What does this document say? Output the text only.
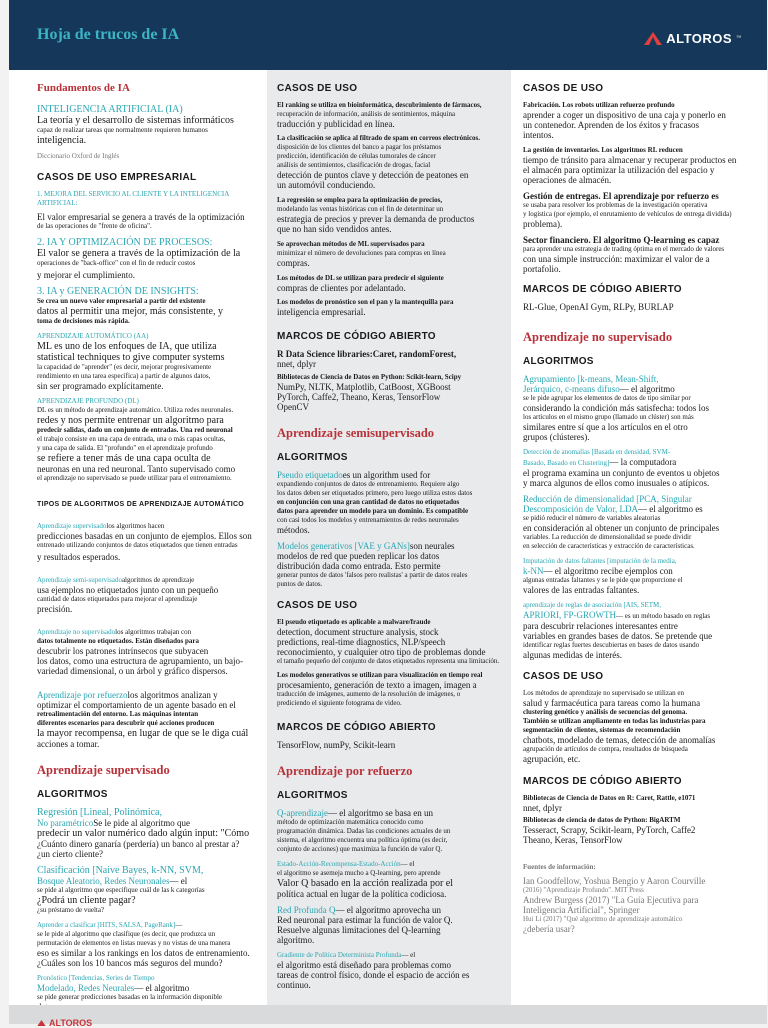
Hoja de trucos de IA	ALTOROS ™
Fundamentos de IA

INTELIGENCIA ARTIFICIAL (IA)

La teoría y el desarrollo de sistemas informáticos

capaz de realizar tareas que normalmente requieren humanos

inteligencia.

Diccionario Oxford de Inglés

CASOS DE USO EMPRESARIAL

1. MEJORA DEL SERVICIO AL CLIENTE Y LA INTELIGENCIA ARTIFICIAL:

El valor empresarial se genera a través de la optimización

de las operaciones de "frente de oficina".

2. IA Y OPTIMIZACIÓN DE PROCESOS:

El valor se genera a través de la optimización de la

operaciones de "back-office" con el fin de reducir costos

y mejorar el cumplimiento.

3. IA y GENERACIÓN DE INSIGHTS:

Se crea un nuevo valor empresarial a partir del existente

datos al permitir una mejor, más consistente, y

toma de decisiones más rápida.

APRENDIZAJE AUTOMÁTICO (AA)

ML es uno de los enfoques de IA, que utiliza

statistical techniques to give computer systems

la capacidad de "aprender" (es decir, mejorar progresivamente

rendimiento en una tarea específica) a partir de algunos datos,

sin ser programado explícitamente.

APRENDIZAJE PROFUNDO (DL)

DL es un método de aprendizaje automático. Utiliza redes neuronales.

redes y nos permite entrenar un algoritmo para

predecir salidas, dado un conjunto de entradas. Una red neuronal

el trabajo consiste en una capa de entrada, una o más capas ocultas,

y una capa de salida. El "profundo" en el aprendizaje profundo

se refiere a tener más de una capa oculta de

neuronas en una red neuronal. Tanto supervisado como

el aprendizaje no supervisado se puede utilizar para el entrenamiento.

TIPOS DE ALGORITMOS DE APRENDIZAJE AUTOMÁTICO

Aprendizaje supervisadolos algoritmos hacen

predicciones basadas en un conjunto de ejemplos. Ellos son

entrenado utilizando conjuntos de datos etiquetados que tienen entradas

y resultados esperados.

Aprendizaje semi-supervisadoalgoritmos de aprendizaje

usa ejemplos no etiquetados junto con un pequeño

cantidad de datos etiquetados para mejorar el aprendizaje

precisión.

Aprendizaje no supervisadolos algoritmos trabajan con

datos totalmente no etiquetados. Están diseñados para

descubrir los patrones intrínsecos que subyacen

los datos, como una estructura de agrupamiento, un bajo-

variedad dimensional, o un árbol y gráfico dispersos.

Aprendizaje por refuerzolos algoritmos analizan y

optimizar el comportamiento de un agente basado en el

retroalimentación del entorno. Las máquinas intentan

diferentes escenarios para descubrir qué acciones producen

la mayor recompensa, en lugar de que se le diga cuál

acciones a tomar.

Aprendizaje supervisado
ALGORITMOS

Regresión [Lineal, Polinómica,

No paramétricoSe le pide al algoritmo que

predecir un valor numérico dado algún input: "Cómo

¿Cuánto dinero ganaría (perdería) un banco al prestar a?

¿un cierto cliente?

Clasificación [Naive Bayes, k-NN, SVM,

Bosque Aleatorio, Redes Neuronales— el

se pide al algoritmo que especifique cuál de las k categorías

¿Podrá un cliente pagar?

¿su préstamo de vuelta?

Aprender a clasificar [HITS, SALSA, PageRank]—

se le pide al algoritmo que clasifique (es decir, que produzca un

permutación de elementos en listas nuevas y no vistas de una manera

eso es similar a los rankings en los datos de entrenamiento.

¿Cuáles son los 10 bancos más seguros del mundo?

Pronóstico [Tendencias, Series de Tiempo

Modelado, Redes Neurales— el algoritmo

se pide generar predicciones basadas en la información disponible

CASOS DE USO

El ranking se utiliza en bioinformática, descubrimiento de fármacos,

recuperación de información, análisis de sentimientos, máquina

traducción y publicidad en línea.

La clasificación se aplica al filtrado de spam en correos electrónicos.

disposición de los clientes del banco a pagar los préstamos

predicción, identificación de células tumorales de cáncer

análisis de sentimientos, clasificación de drogas, facial

detección de puntos clave y detección de peatones en

un automóvil conduciendo.

La regresión se emplea para la optimización de precios,

modelando las ventas históricas con el fin de determinar un

estrategia de precios y prever la demanda de productos

que no han sido vendidos antes.

Se aprovechan métodos de ML supervisados para

minimizar el número de devoluciones para compras en línea

compras.

Los métodos de DL se utilizan para predecir el siguiente

compras de clientes por adelantado.

Los modelos de pronóstico son el pan y la mantequilla para

inteligencia empresarial.

MARCOS DE CÓDIGO ABIERTO

R Data Science libraries:Caret, randomForest,

nnet, dplyr

Bibliotecas de Ciencia de Datos en Python: Scikit-learn, Scipy

NumPy, NLTK, Matplotlib, CatBoost, XGBoost

PyTorch, Caffe2, Theano, Keras, TensorFlow

OpenCV

Aprendizaje semisupervisado
ALGORITMOS

Pseudo etiquetadoes un algorithm used for

expandiendo conjuntos de datos de entrenamiento. Requiere algo

los datos deben ser etiquetados primero, pero luego utiliza estos datos

en conjunción con una gran cantidad de datos no etiquetados

datos para aprender un modelo para un dominio. Es compatible

con casi todos los modelos y entrenamientos de redes neuronales

métodos.

Modelos generativos [VAE y GANs]son neurales

modelos de red que pueden replicar los datos

distribución dada como entrada. Esto permite

generar puntos de datos 'falsos pero realistas' a partir de datos reales

puntos de datos.

CASOS DE USO

El pseudo etiquetado es aplicable a malware/fraude

detection, document structure analysis, stock

predictions, real-time diagnostics, NLP/speech

reconocimiento, y cualquier otro tipo de problemas donde

el tamaño pequeño del conjunto de datos etiquetados representa una limitación.

Los modelos generativos se utilizan para visualización en tiempo real

procesamiento, generación de texto a imagen, imagen a

traducción de imágenes, aumento de la resolución de imágenes, o

prediciendo el siguiente fotograma de video.

MARCOS DE CÓDIGO ABIERTO

TensorFlow, numPy, Scikit-learn

Aprendizaje por refuerzo
ALGORITMOS

Q-aprendizaje— el algoritmo se basa en un

método de optimización matemática conocido como

programación dinámica. Dadas las condiciones actuales de un

sistema, el algoritmo encuentra una política óptima (es decir,

conjunto de acciones) que maximiza la función de valor Q.

Estado-Acción-Recompensa-Estado-Acción— el

el algoritmo se asemeja mucho a Q-learning, pero aprende

Valor Q basado en la acción realizada por el

política actual en lugar de la política codiciosa.

Red Profunda Q— el algoritmo aprovecha un

Red neuronal para estimar la función de valor Q.

Resuelve algunas limitaciones del Q-learning

algoritmo.

Gradiente de Política Determinista Profunda— el

el algoritmo está diseñado para problemas como

tareas de control físico, donde el espacio de acción es

continuo.

CASOS DE USO

Fabricación. Los robots utilizan refuerzo profundo

aprender a coger un dispositivo de una caja y ponerlo en

un contenedor. Aprenden de los éxitos y fracasos

intentos.

La gestión de inventarios. Los algoritmos RL reducen

tiempo de tránsito para almacenar y recuperar productos en

el almacén para optimizar la utilización del espacio y

operaciones de almacén.

Gestión de entregas. El aprendizaje por refuerzo es

se usaba para resolver los problemas de la investigación operativa

y logística (por ejemplo, el enrutamiento de vehículos de entrega dividida)

problema).

Sector financiero. El algoritmo Q-learning es capaz

para aprender una estrategia de trading óptima en el mercado de valores

con una simple instrucción: maximizar el valor de a

portafolio.

MARCOS DE CÓDIGO ABIERTO

RL-Glue, OpenAI Gym, RLPy, BURLAP

Aprendizaje no supervisado
ALGORITMOS

Agrupamiento [k-means, Mean-Shift,

Jerárquico, c-means difuso— el algoritmo

se le pide agrupar los elementos de datos de tipo similar por

considerando la condición más satisfecha: todos los

los artículos en el mismo grupo (llamado un clúster) son más

similares entre sí que a los artículos en el otro

grupos (clústeres).

Detección de anomalías [Basada en densidad, SVM-

Basado, Basado en Clustering]— la computadora

el programa examina un conjunto de eventos u objetos

y marca algunos de ellos como inusuales o atípicos.

Reducción de dimensionalidad [PCA, Singular

Descomposición de Valor, LDA— el algoritmo es

se pidió reducir el número de variables aleatorias

en consideración al obtener un conjunto de principales

variables. La reducción de dimensionalidad se puede dividir

en selección de características y extracción de características.

Imputación de datos faltantes [imputación de la media,

k-NN— el algoritmo recibe ejemplos con

algunas entradas faltantes y se le pide que proporcione el

valores de las entradas faltantes.

aprendizaje de reglas de asociación [AIS, SETM,

APRIORI, FP-GROWTH— es un método basado en reglas

para descubrir relaciones interesantes entre

variables en grandes bases de datos. Se pretende que

identificar reglas fuertes descubiertas en bases de datos usando

algunas medidas de interés.

CASOS DE USO

Los métodos de aprendizaje no supervisado se utilizan en

salud y farmacéutica para tareas como la humana

clustering genético y análisis de secuencias del genoma.

También se utilizan ampliamente en todas las industrias para

segmentación de clientes, sistemas de recomendación

chatbots, modelado de temas, detección de anomalías

agrupación de artículos de compra, resultados de búsqueda

agrupación, etc.

MARCOS DE CÓDIGO ABIERTO

Bibliotecas de Ciencia de Datos en R: Caret, Rattle, e1071

nnet, dplyr

Bibliotecas de ciencia de datos de Python: BigARTM

Tesseract, Scrapy, Scikit-learn, PyTorch, Caffe2

Theano, Keras, TensorFlow

Fuentes de información:

Ian Goodfellow, Yoshua Bengio y Aaron Courville

(2016) "Aprendizaje Profundo". MIT Press

Andrew Burgess (2017) "La Guía Ejecutiva para

Inteligencia Artificial", Springer

Hui Li (2017) "Qué algoritmo de aprendizaje automático

¿debería usar?

ALTOROS
